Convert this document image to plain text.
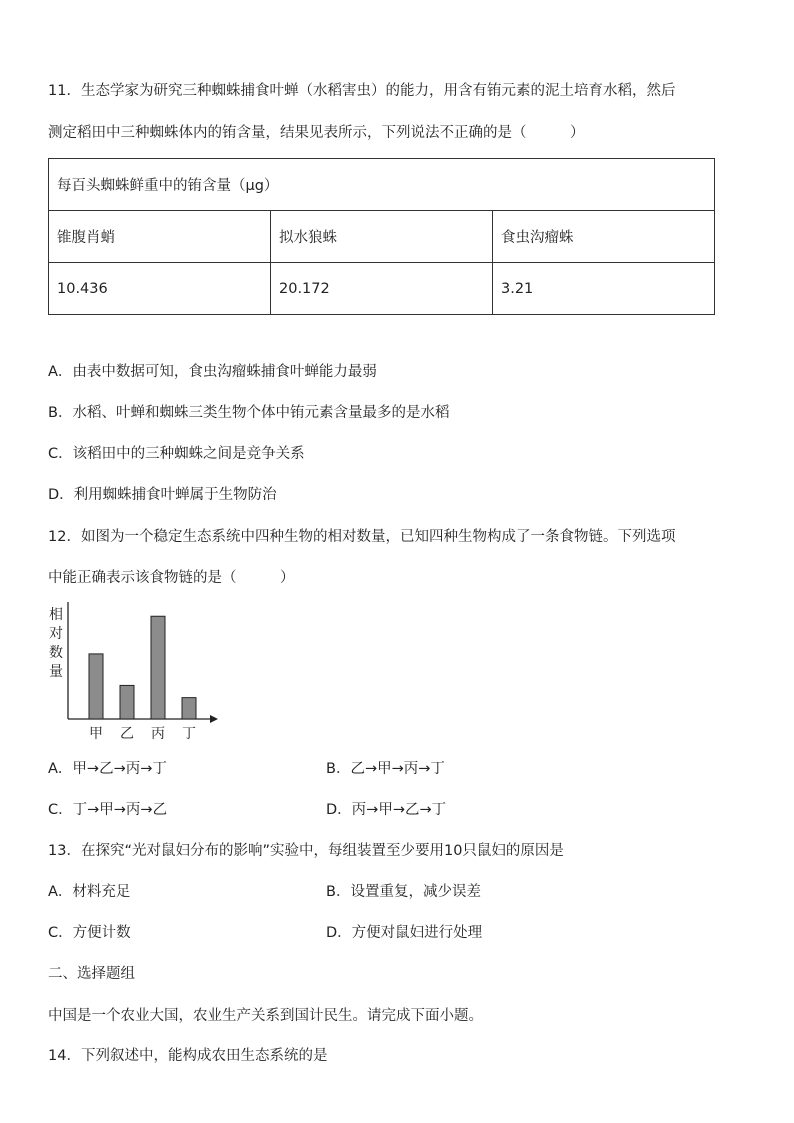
11．生态学家为研究三种蜘蛛捕食叶蝉（水稻害虫）的能力，用含有铕元素的泥土培育水稻，然后
测定稻田中三种蜘蛛体内的铕含量，结果见表所示，下列说法不正确的是（　　　）
每百头蜘蛛鲜重中的铕含量（μg）		
锥腹肖蛸	拟水狼蛛	食虫沟瘤蛛
10.436	20.172	3.21
A．由表中数据可知，食虫沟瘤蛛捕食叶蝉能力最弱
B．水稻、叶蝉和蜘蛛三类生物个体中铕元素含量最多的是水稻
C．该稻田中的三种蜘蛛之间是竞争关系
D．利用蜘蛛捕食叶蝉属于生物防治
12．如图为一个稳定生态系统中四种生物的相对数量，已知四种生物构成了一条食物链。下列选项
中能正确表示该食物链的是（　　　）
相
对
数
量
甲 乙 丙 丁
A．甲→乙→丙→丁	B．乙→甲→丙→丁
C．丁→甲→丙→乙	D．丙→甲→乙→丁
13．在探究“光对鼠妇分布的影响”实验中，每组装置至少要用10只鼠妇的原因是
A．材料充足	B．设置重复，减少误差
C．方便计数	D．方便对鼠妇进行处理
二、选择题组
中国是一个农业大国，农业生产关系到国计民生。请完成下面小题。
14．下列叙述中，能构成农田生态系统的是
